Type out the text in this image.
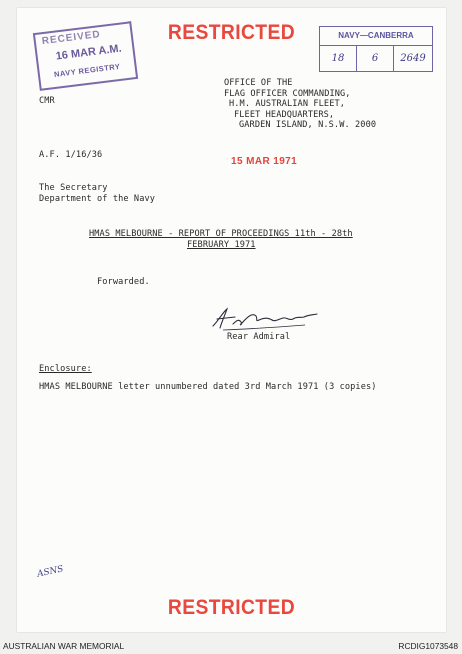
RESTRICTED
RECEIVED
16 MAR A.M.
NAVY REGISTRY
NAVY—CANBERRA
18	6	2649
CMR
OFFICE OF THE
FLAG OFFICER COMMANDING,
H.M. AUSTRALIAN FLEET,
FLEET HEADQUARTERS,
GARDEN ISLAND, N.S.W. 2000
A.F. 1/16/36
15 MAR 1971
The Secretary
Department of the Navy
HMAS MELBOURNE - REPORT OF PROCEEDINGS 11th - 28th
FEBRUARY 1971
Forwarded.
Rear Admiral
Enclosure:
HMAS MELBOURNE letter unnumbered dated 3rd March 1971 (3 copies)
ASNS
RESTRICTED
AUSTRALIAN WAR MEMORIAL	RCDIG1073548
